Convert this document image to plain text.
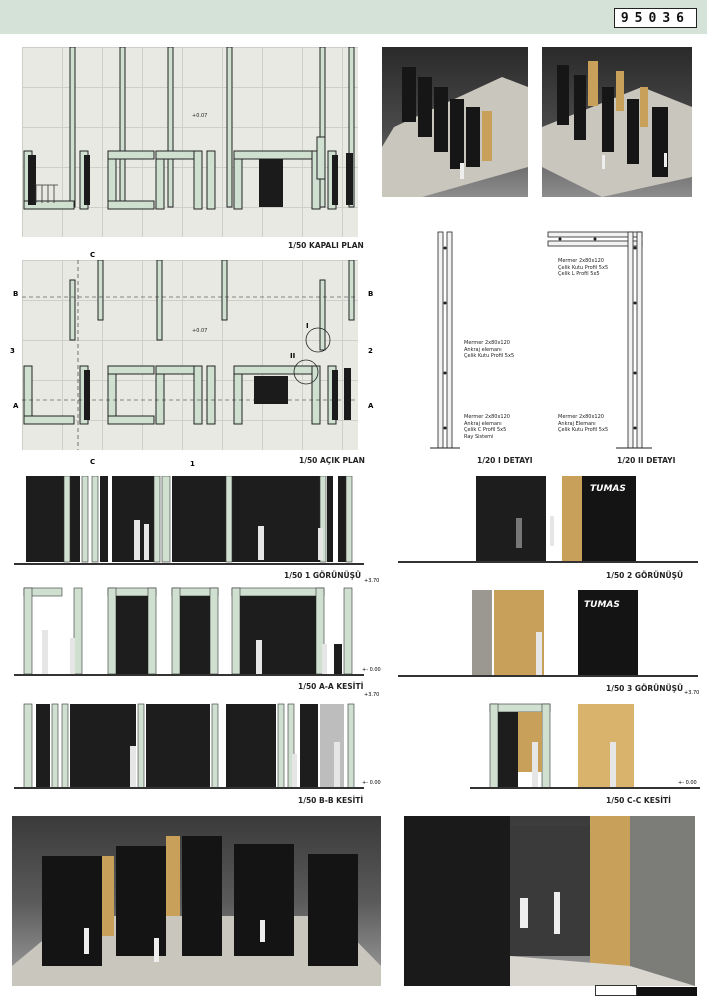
95036
+0.07
1/50 KAPALI PLAN
+0.07
C
C
B	B
A	A
3	2
1
I
II
1/50 AÇIK PLAN
Mermer 2x80x120
Çelik Kutu Profil 5x5
Çelik L Profil 5x5
Mermer 2x80x120
Ankraj elemanı
Çelik Kutu Profil 5x5
Mermer 2x80x120
Ankraj elemanı
Çelik C Profil 5x5
Ray Sistemi
Mermer 2x80x120
Ankraj Elemanı
Çelik Kutu Profil 5x5
1/20 I DETAYI	1/20 II DETAYI
1/50 1 GÖRÜNÜŞÜ
TUMAS
1/50 2 GÖRÜNÜŞÜ
+3.70
+- 0.00
1/50 A-A KESİTİ
TUMAS
1/50 3 GÖRÜNÜŞÜ +3.70
+3.70
+- 0.00
1/50 B-B KESİTİ
+- 0.00
1/50 C-C KESİTİ
